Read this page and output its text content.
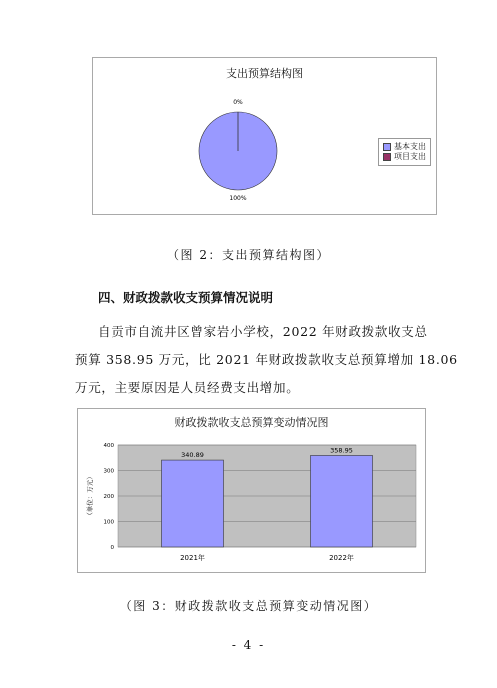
支出预算结构图
0%
100%
基本支出
项目支出
（图 2：支出预算结构图）
四、财政拨款收支预算情况说明
自贡市自流井区曾家岩小学校，2022 年财政拨款收支总
预算 358.95 万元，比 2021 年财政拨款收支总预算增加 18.06
万元，主要原因是人员经费支出增加。
财政拨款收支总预算变动情况图
0
100
200
300
400
340.89
2021年
358.95
2022年
（单位：万元）
（图 3：财政拨款收支总预算变动情况图）
- 4 -
